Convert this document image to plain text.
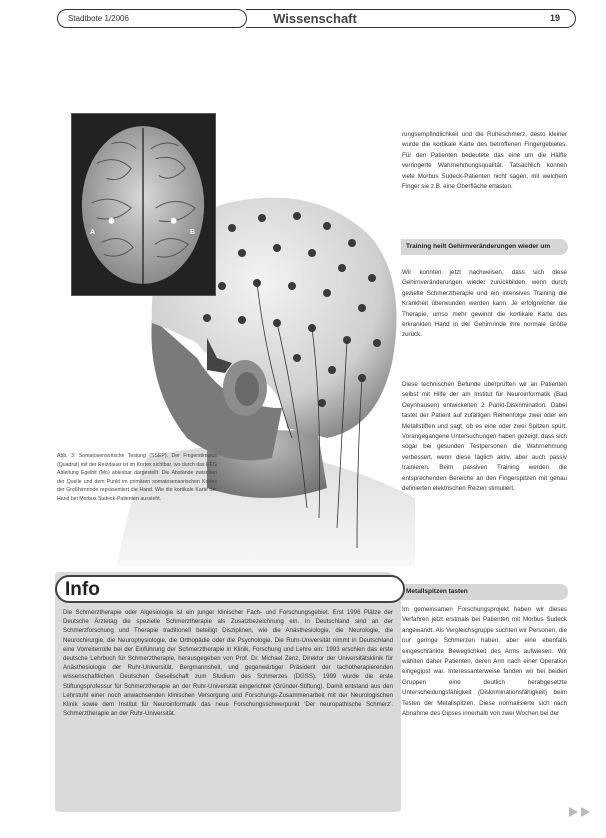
Stadtbote 1/2006	Wissenschaft	19
A	B
Abb. 3: Somatosensorische Testung (SSEP). Der Fingerstimulus (Quadrat) mit der Reizdauer ist im Kortex sichtbar, wo durch das EEG Ableitung Egelbit (Mo) ablesbar dargestellt. Die Abstände zwischen der Quelle und dem Punkt im primären somatosensorischen Kortex der Großhirnrinde repräsentiert die Hand. Wie die kortikale Karte der Hand bei Morbus Sudeck-Patienten aussieht.

rungsempfindlichkeit und die Ruheschmerz, desto kleiner wurde die kortikale Karte des betroffenen Fingergebietes. Für den Patienten bedeutete das eine um die Hälfte verringerte Wahrnehmungsqualität. Tatsächlich können viele Morbus Sudeck-Patienten nicht sagen, mit welchem Finger sie z.B. eine Oberfläche ertasten.

Training heilt Gehirnveränderungen wieder um

Wir konnten jetzt nachweisen, dass sich diese Gehirnveränderungen wieder zurückbilden, wenn durch gezielte Schmerztherapie und ein intensives Training die Krankheit überwunden werden kann. Je erfolgreicher die Therapie, umso mehr gewinnt die kortikale Karte des erkrankten Hand in der Gehirnrinde ihre normale Größe zurück.

Diese technischen Befunde überprüften wir an Patienten selbst mit Hilfe der am Institut für Neuroinformatik (Bad Oeynhausen) entwickelten 2 Punkt-Diskrimination. Dabei tastet der Patient auf zufälligen Reihenfolge zwei oder ein Metallstiften und sagt, ob es eine oder zwei Spitzen spürt. Vorangegangene Untersuchungen haben gezeigt, dass sich sogar bei gesunden Testpersonen die Wahrnehmung verbessert, wenn diese täglich aktiv, aber auch passiv trainieren. Beim passiven Training werden die entsprechenden Bereiche an den Fingerspitzen mit genau definierten elektrischen Reizen stimuliert.

Metallspitzen tasten

Im gemeinsamen Forschungsprojekt haben wir dieses Verfahren jetzt erstmals bei Patienten mit Morbus Sudeck angewandt. Als Vergleichsgruppe suchten wir Personen, die nur geringe Schmerzen haben, aber eine ebenfalls eingeschränkte Beweglichkeit des Arms aufwiesen. Wir wählten daher Patienten, deren Arm nach einer Operation eingegipst war. Interessanterweise fanden wir bei beiden Gruppen eine deutlich herabgesetzte Unterscheidungsfähigkeit (Diskriminationsfähigkeit) beim Testen der Metallspitzen. Diese normalisierte sich nach Abnahme des Gipses innerhalb von zwei Wochen bei der

Info
Die Schmerztherapie oder Algesiologie ist ein junger klinischer Fach- und Forschungsgebiet. Erst 1996 Plätze der Deutsche Ärztetag die spezielle Schmerztherapie als Zusatzbezeichnung ein. In Deutschland sind an der Schmerzforschung und Therapie traditionell beteiligt Disziplinen, wie die Anästhesiologie, die Neurologie, die Neurochirurgie, die Neurophysiologie, die Orthopädie oder die Psychologie. Die Ruhr-Universität nimmt in Deutschland eine Vorreiterrolle bei der Einführung der Schmerztherapie in Klinik, Forschung und Lehre ein: 1993 erschien das erste deutsche Lehrbuch für Schmerztherapie, herausgegeben von Prof. Dr. Michael Zenz, Direktor der Universitätsklinik für Anästhesiologie der Ruhr-Universität, Bergmannsheil, und gegenwärtiger Präsident der tachotherapierenden wissenschaftlichen Deutschen Gesellschaft zum Studium des Schmerzes (DGSS). 1999 wurde die erste Stiftungsprofessur für Schmerztherapie an der Ruhr-Universität eingerichtet (Gründer-Stiftung). Damit entstand aus den Lehrstuhl einer noch anwachsenden klinischen Versorgung und Forschungs-Zusammenarbeit mit der Neurologischen Klinik sowie dem Institut für Neuroinformatik das neue Forschungsschwerpunkt 'Der neuropathische Schmerz'. Schmerztherapie an der Ruhr-Universität.
